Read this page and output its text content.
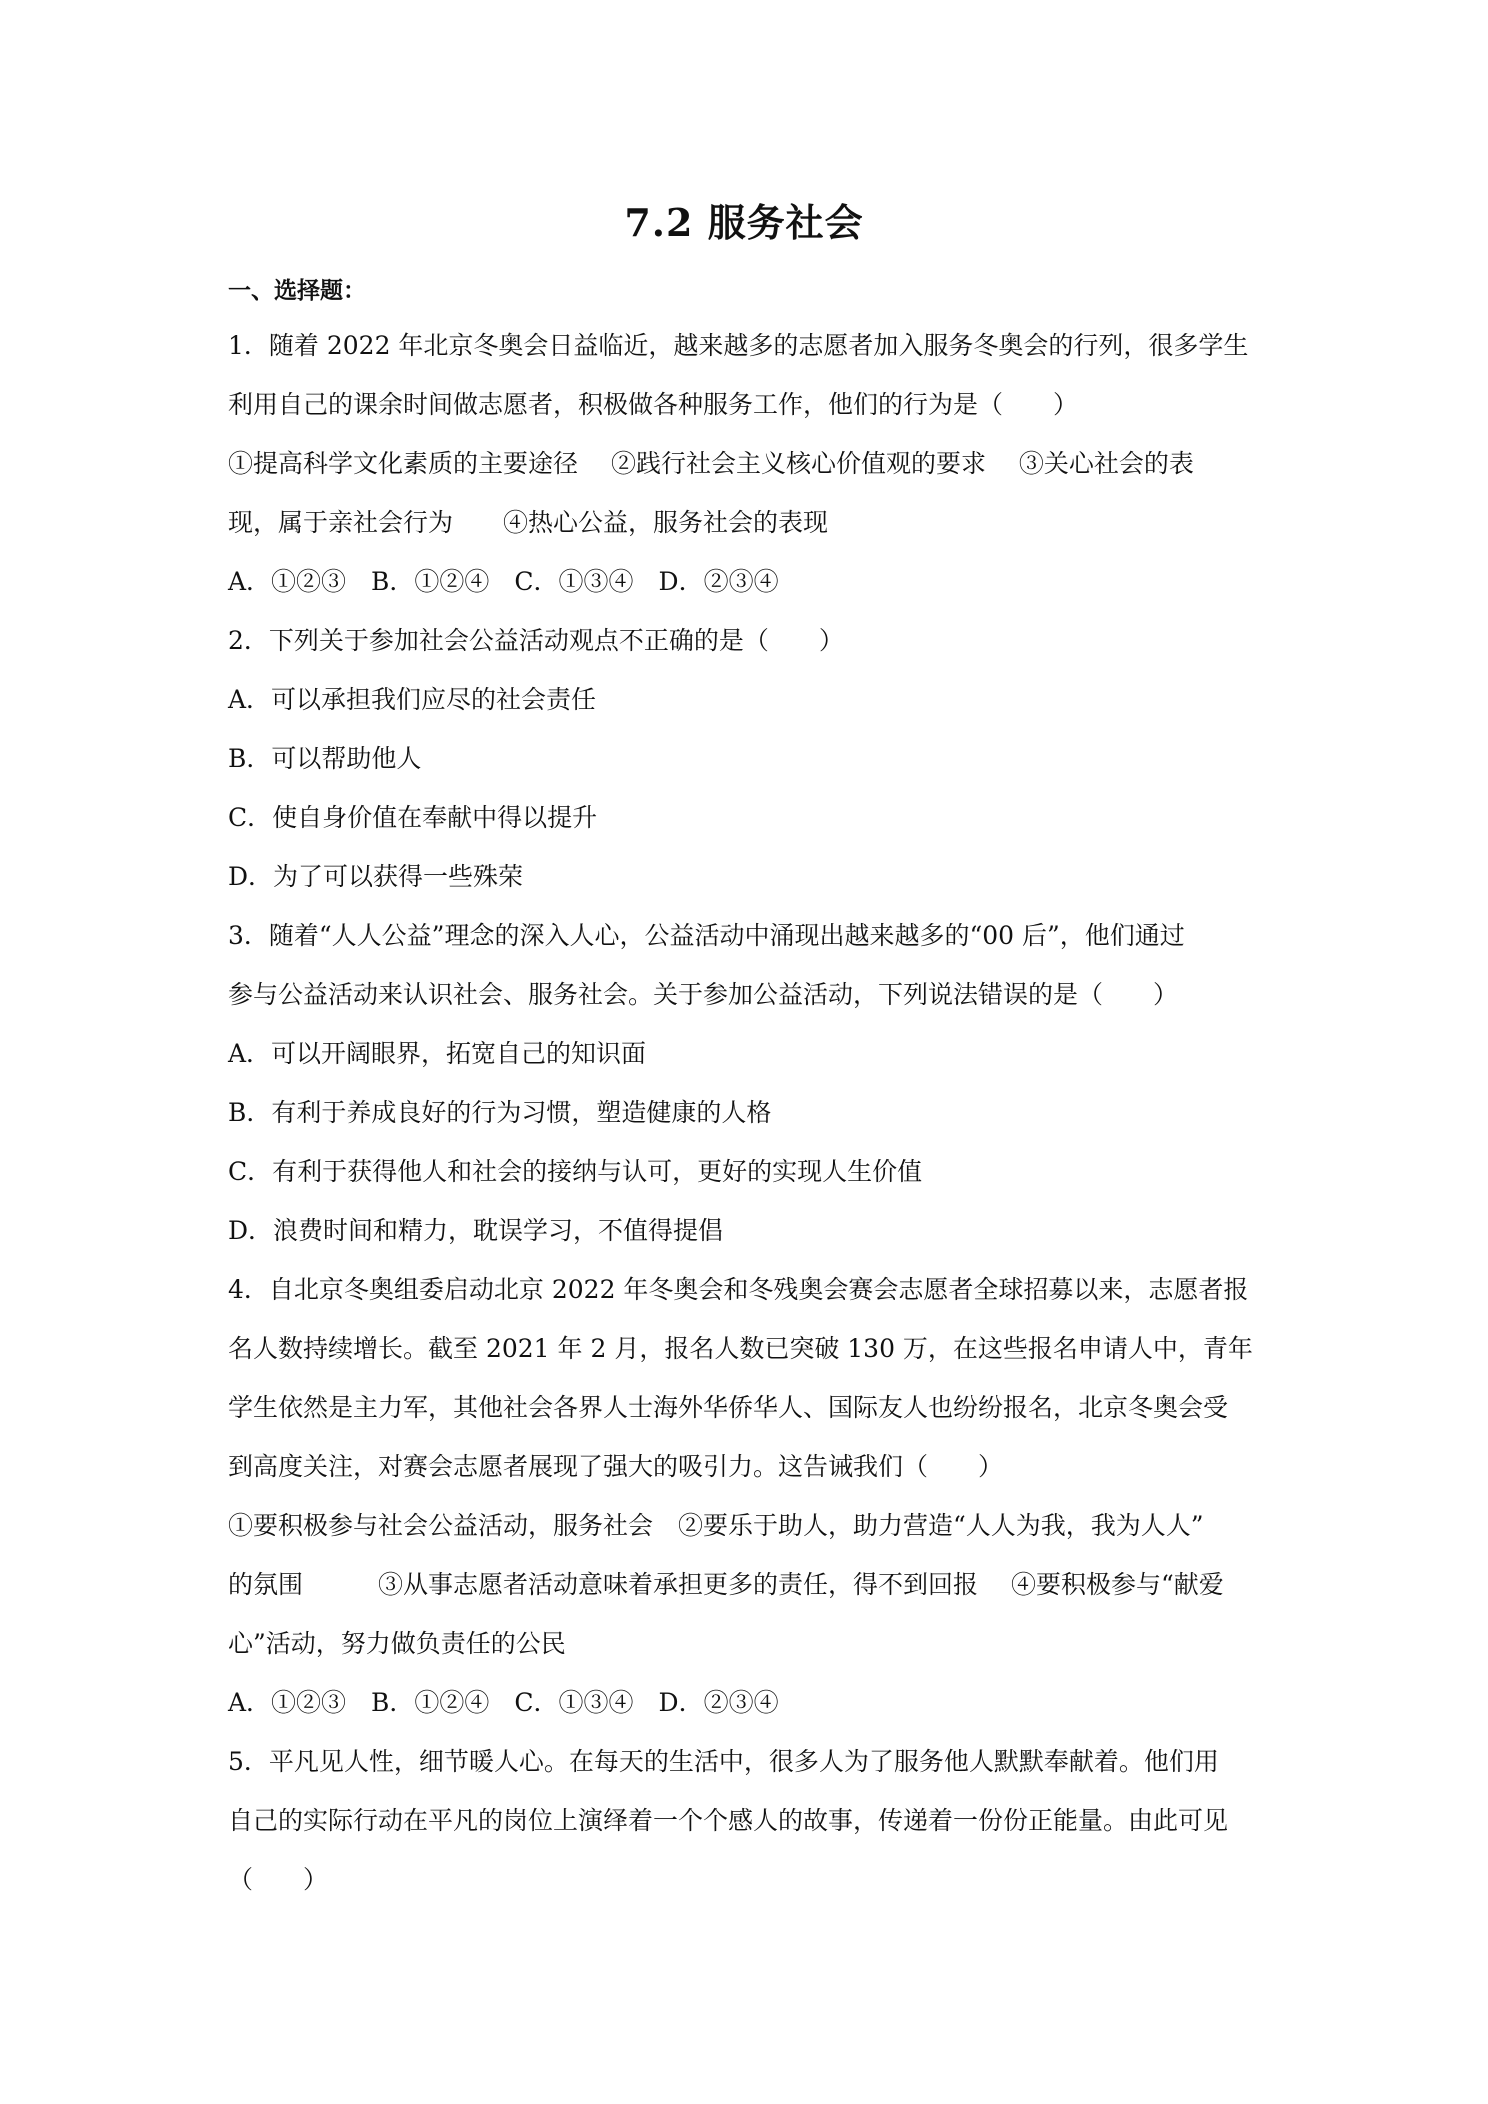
7.2 服务社会
一、选择题：
1．随着 2022 年北京冬奥会日益临近，越来越多的志愿者加入服务冬奥会的行列，很多学生
利用自己的课余时间做志愿者，积极做各种服务工作，他们的行为是（　　）
①提高科学文化素质的主要途径　 ②践行社会主义核心价值观的要求　 ③关心社会的表
现，属于亲社会行为　　④热心公益，服务社会的表现
A．①②③　B．①②④　C．①③④　D．②③④
2．下列关于参加社会公益活动观点不正确的是（　　）
A．可以承担我们应尽的社会责任
B．可以帮助他人
C．使自身价值在奉献中得以提升
D．为了可以获得一些殊荣
3．随着“人人公益”理念的深入人心，公益活动中涌现出越来越多的“00 后”，他们通过
参与公益活动来认识社会、服务社会。关于参加公益活动，下列说法错误的是（　　）
A．可以开阔眼界，拓宽自己的知识面
B．有利于养成良好的行为习惯，塑造健康的人格
C．有利于获得他人和社会的接纳与认可，更好的实现人生价值
D．浪费时间和精力，耽误学习，不值得提倡
4．自北京冬奥组委启动北京 2022 年冬奥会和冬残奥会赛会志愿者全球招募以来，志愿者报
名人数持续增长。截至 2021 年 2 月，报名人数已突破 130 万，在这些报名申请人中，青年
学生依然是主力军，其他社会各界人士海外华侨华人、国际友人也纷纷报名，北京冬奥会受
到高度关注，对赛会志愿者展现了强大的吸引力。这告诫我们（　　）
①要积极参与社会公益活动，服务社会　②要乐于助人，助力营造“人人为我，我为人人”
的氛围　　　③从事志愿者活动意味着承担更多的责任，得不到回报　 ④要积极参与“献爱
心”活动，努力做负责任的公民
A．①②③　B．①②④　C．①③④　D．②③④
5．平凡见人性，细节暖人心。在每天的生活中，很多人为了服务他人默默奉献着。他们用
自己的实际行动在平凡的岗位上演绎着一个个感人的故事，传递着一份份正能量。由此可见
（　　）
